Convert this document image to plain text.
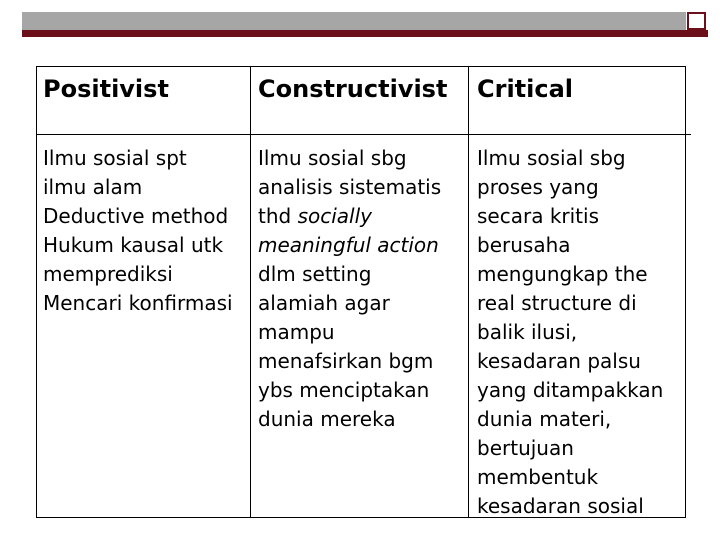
Positivist	Constructivist Critical
Ilmu sosial spt
ilmu alam
Deductive method
Hukum kausal utk
memprediksi
Mencari konfirmasi
Ilmu sosial sbg
analisis sistematis
thd socially
meaningful action
dlm setting
alamiah agar
mampu
menafsirkan bgm
ybs menciptakan
dunia mereka
Ilmu sosial sbg
proses yang
secara kritis
berusaha
mengungkap the
real structure di
balik ilusi,
kesadaran palsu
yang ditampakkan
dunia materi,
bertujuan
membentuk
kesadaran sosial
